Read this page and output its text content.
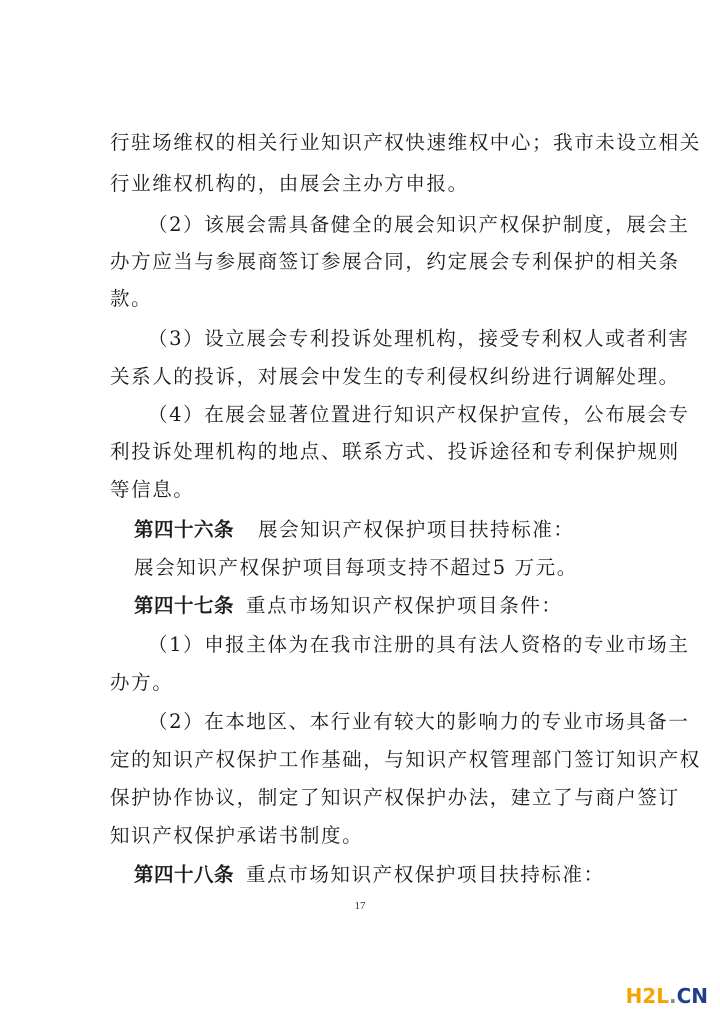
行驻场维权的相关行业知识产权快速维权中心；我市未设立相关
行业维权机构的，由展会主办方申报。
（2）该展会需具备健全的展会知识产权保护制度，展会主
办方应当与参展商签订参展合同，约定展会专利保护的相关条
款。
（3）设立展会专利投诉处理机构，接受专利权人或者利害
关系人的投诉，对展会中发生的专利侵权纠纷进行调解处理。
（4）在展会显著位置进行知识产权保护宣传，公布展会专
利投诉处理机构的地点、联系方式、投诉途径和专利保护规则
等信息。
第四十六条 展会知识产权保护项目扶持标准：
展会知识产权保护项目每项支持不超过5 万元。
第四十七条 重点市场知识产权保护项目条件：
（1）申报主体为在我市注册的具有法人资格的专业市场主
办方。
（2）在本地区、本行业有较大的影响力的专业市场具备一
定的知识产权保护工作基础，与知识产权管理部门签订知识产权
保护协作协议，制定了知识产权保护办法，建立了与商户签订
知识产权保护承诺书制度。
第四十八条 重点市场知识产权保护项目扶持标准：
17
H2L.CN
